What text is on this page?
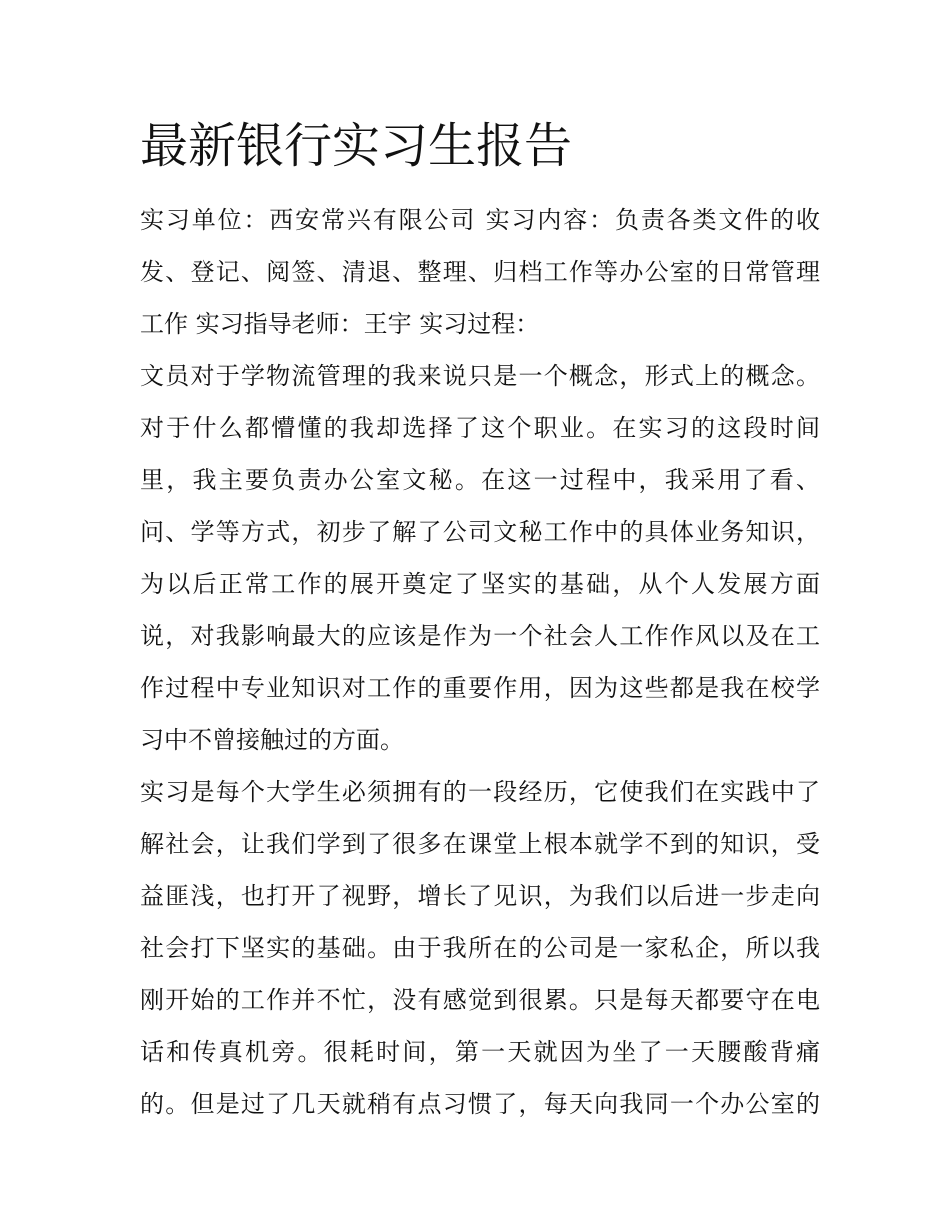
最新银行实习生报告
实习单位：西安常兴有限公司 实习内容：负责各类文件的收
发、登记、阅签、清退、整理、归档工作等办公室的日常管理
工作 实习指导老师：王宇 实习过程：
文员对于学物流管理的我来说只是一个概念，形式上的概念。
对于什么都懵懂的我却选择了这个职业。在实习的这段时间
里，我主要负责办公室文秘。在这一过程中，我采用了看、
问、学等方式，初步了解了公司文秘工作中的具体业务知识，
为以后正常工作的展开奠定了坚实的基础，从个人发展方面
说，对我影响最大的应该是作为一个社会人工作作风以及在工
作过程中专业知识对工作的重要作用，因为这些都是我在校学
习中不曾接触过的方面。
实习是每个大学生必须拥有的一段经历，它使我们在实践中了
解社会，让我们学到了很多在课堂上根本就学不到的知识，受
益匪浅，也打开了视野，增长了见识，为我们以后进一步走向
社会打下坚实的基础。由于我所在的公司是一家私企，所以我
刚开始的工作并不忙，没有感觉到很累。只是每天都要守在电
话和传真机旁。很耗时间，第一天就因为坐了一天腰酸背痛
的。但是过了几天就稍有点习惯了，每天向我同一个办公室的
